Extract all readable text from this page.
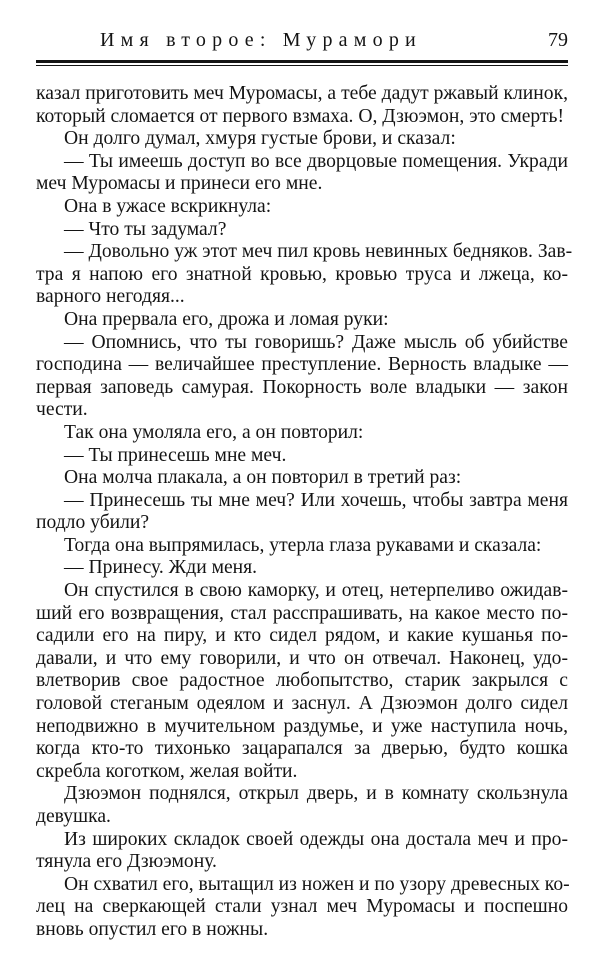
Имя второе: Мурамори	79
казал приготовить меч Муромасы, а тебе дадут ржавый клинок,
который сломается от первого взмаха. О, Дзюэмон, это смерть!
Он долго думал, хмуря густые брови, и сказал:
— Ты имеешь доступ во все дворцовые помещения. Укради
меч Муромасы и принеси его мне.
Она в ужасе вскрикнула:
— Что ты задумал?
— Довольно уж этот меч пил кровь невинных бедняков. Зав-
тра я напою его знатной кровью, кровью труса и лжеца, ко-
варного негодяя...
Она прервала его, дрожа и ломая руки:
— Опомнись, что ты говоришь? Даже мысль об убийстве
господина — величайшее преступление. Верность владыке —
первая заповедь самурая. Покорность воле владыки — закон
чести.
Так она умоляла его, а он повторил:
— Ты принесешь мне меч.
Она молча плакала, а он повторил в третий раз:
— Принесешь ты мне меч? Или хочешь, чтобы завтра меня
подло убили?
Тогда она выпрямилась, утерла глаза рукавами и сказала:
— Принесу. Жди меня.
Он спустился в свою каморку, и отец, нетерпеливо ожидав-
ший его возвращения, стал расспрашивать, на какое место по-
садили его на пиру, и кто сидел рядом, и какие кушанья по-
давали, и что ему говорили, и что он отвечал. Наконец, удо-
влетворив свое радостное любопытство, старик закрылся с
головой стеганым одеялом и заснул. А Дзюэмон долго сидел
неподвижно в мучительном раздумье, и уже наступила ночь,
когда кто-то тихонько зацарапался за дверью, будто кошка
скребла коготком, желая войти.
Дзюэмон поднялся, открыл дверь, и в комнату скользнула
девушка.
Из широких складок своей одежды она достала меч и про-
тянула его Дзюэмону.
Он схватил его, вытащил из ножен и по узору древесных ко-
лец на сверкающей стали узнал меч Муромасы и поспешно
вновь опустил его в ножны.
